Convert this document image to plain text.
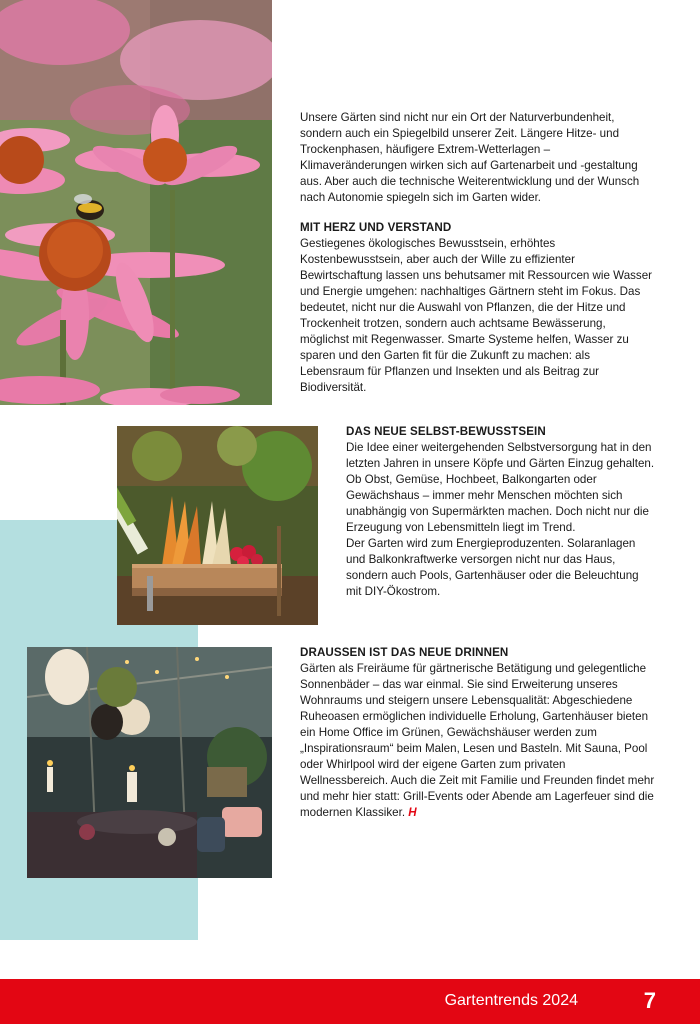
Unsere Gärten sind nicht nur ein Ort der Naturverbundenheit, sondern auch ein Spiegelbild unserer Zeit. Längere Hitze- und Trockenphasen, häufigere Extrem-Wetterlagen – Klimaveränderungen wirken sich auf Gartenarbeit und -gestaltung aus. Aber auch die technische Weiterentwicklung und der Wunsch nach Autonomie spiegeln sich im Garten wider.

MIT HERZ UND VERSTAND

Gestiegenes ökologisches Bewusstsein, erhöhtes Kostenbewusstsein, aber auch der Wille zu effizienter Bewirtschaftung lassen uns behutsamer mit Ressourcen wie Wasser und Energie umgehen: nachhaltiges Gärtnern steht im Fokus. Das bedeutet, nicht nur die Auswahl von Pflanzen, die der Hitze und Trockenheit trotzen, sondern auch achtsame Bewässerung, möglichst mit Regenwasser. Smarte Systeme helfen, Wasser zu sparen und den Garten fit für die Zukunft zu machen: als Lebensraum für Pflanzen und Insekten und als Beitrag zur Biodiversität.

DAS NEUE SELBST-BEWUSSTSEIN

Die Idee einer weitergehenden Selbstversorgung hat in den letzten Jahren in unsere Köpfe und Gärten Einzug gehalten. Ob Obst, Gemüse, Hochbeet, Balkongarten oder Gewächshaus – immer mehr Menschen möchten sich unabhängig von Supermärkten machen. Doch nicht nur die Erzeugung von Lebensmitteln liegt im Trend.

Der Garten wird zum Energieproduzenten. Solaranlagen und Balkonkraftwerke versorgen nicht nur das Haus, sondern auch Pools, Gartenhäuser oder die Beleuchtung mit DIY-Ökostrom.

DRAUSSEN IST DAS NEUE DRINNEN

Gärten als Freiräume für gärtnerische Betätigung und gelegentliche Sonnenbäder – das war einmal. Sie sind Erweiterung unseres Wohnraums und steigern unsere Lebensqualität: Abgeschiedene Ruheoasen ermöglichen individuelle Erholung, Gartenhäuser bieten ein Home Office im Grünen, Gewächshäuser werden zum „Inspirationsraum“ beim Malen, Lesen und Basteln. Mit Sauna, Pool oder Whirlpool wird der eigene Garten zum privaten Wellnessbereich. Auch die Zeit mit Familie und Freunden findet mehr und mehr hier statt: Grill-Events oder Abende am Lagerfeuer sind die modernen Klassiker. H

Gartentrends 2024	7
